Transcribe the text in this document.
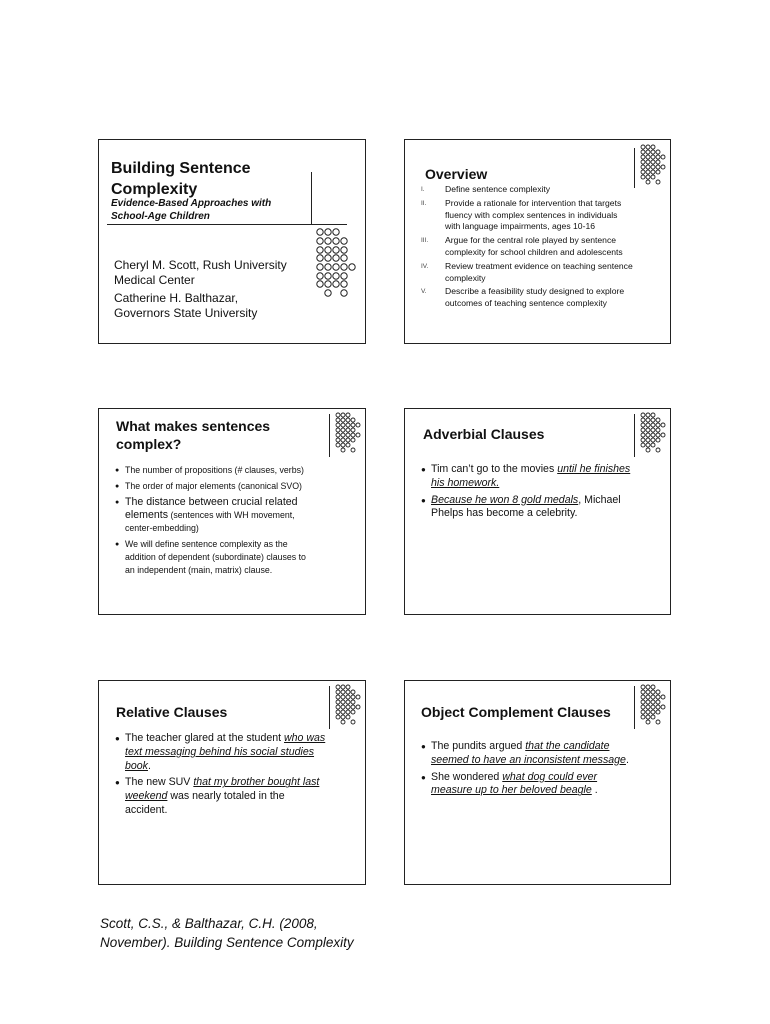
Building Sentence
Complexity
Evidence-Based Approaches with
School-Age Children
Cheryl M. Scott, Rush University
Medical Center
Catherine H. Balthazar,
Governors State University
Overview
I. Define sentence complexity
II. Provide a rationale for intervention that targets
fluency with complex sentences in individuals
with language impairments, ages 10-16
III. Argue for the central role played by sentence
complexity for school children and adolescents
IV. Review treatment evidence on teaching sentence
complexity
V. Describe a feasibility study designed to explore
outcomes of teaching sentence complexity
What makes sentences
complex?
● The number of propositions (# clauses, verbs)
● The order of major elements (canonical SVO)
● The distance between crucial related
elements (sentences with WH movement,
center-embedding)
● We will define sentence complexity as the
addition of dependent (subordinate) clauses to
an independent (main, matrix) clause.
Adverbial Clauses
● Tim can’t go to the movies until he finishes
his homework.
● Because he won 8 gold medals, Michael
Phelps has become a celebrity.
Relative Clauses
● The teacher glared at the student who was
text messaging behind his social studies
book.
● The new SUV that my brother bought last
weekend was nearly totaled in the
accident.
Object Complement Clauses
● The pundits argued that the candidate
seemed to have an inconsistent message.
● She wondered what dog could ever
measure up to her beloved beagle .
Scott, C.S., & Balthazar, C.H. (2008,
November). Building Sentence Complexity
